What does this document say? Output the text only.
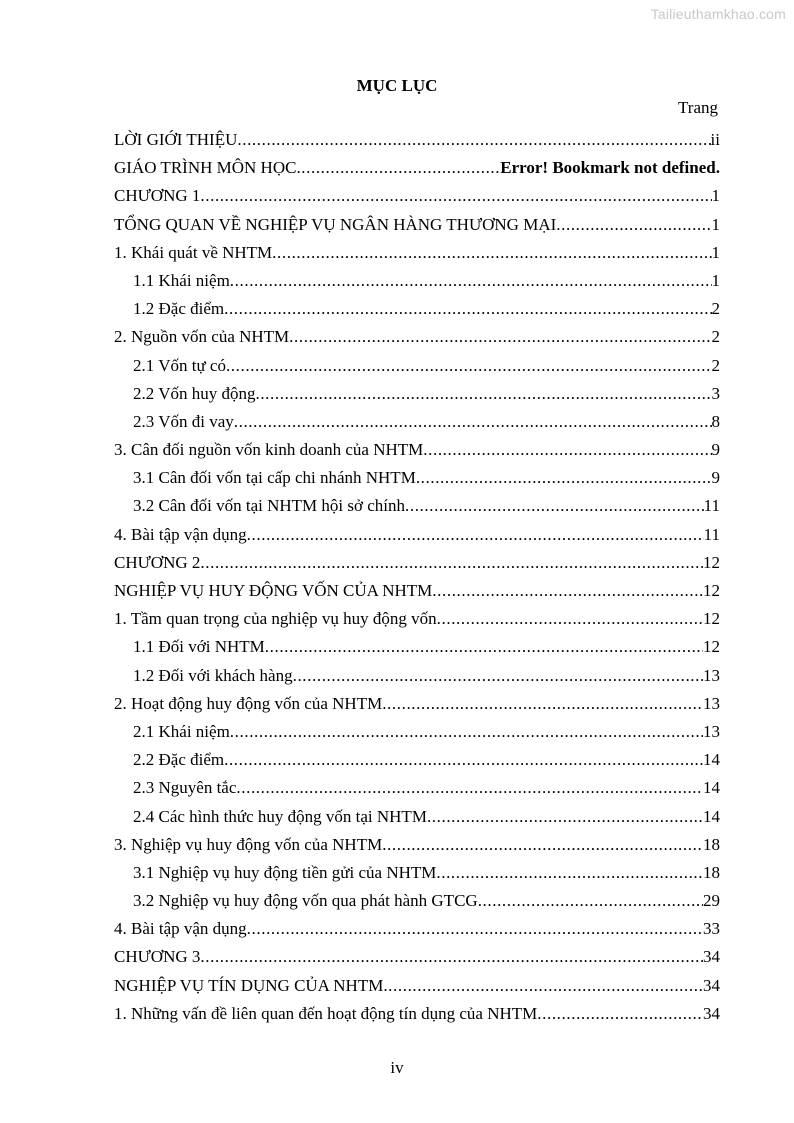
Tailieuthamkhao.com
MỤC LỤC
Trang
LỜI GIỚI THIỆU .....	ii
GIÁO TRÌNH MÔN HỌC .....	Error! Bookmark not defined.
CHƯƠNG 1 .....	1
TỔNG QUAN VỀ NGHIỆP VỤ NGÂN HÀNG THƯƠNG MẠI .....	1
1. Khái quát về NHTM .....	1
1.1 Khái niệm .....	1
1.2 Đặc điểm .....	2
2. Nguồn vốn của NHTM .....	2
2.1 Vốn tự có .....	2
2.2 Vốn huy động .....	3
2.3 Vốn đi vay .....	8
3. Cân đối nguồn vốn kinh doanh của NHTM .....	9
3.1 Cân đối vốn tại cấp chi nhánh NHTM .....	9
3.2 Cân đối vốn tại NHTM hội sở chính .....	11
4. Bài tập vận dụng .....	11
CHƯƠNG 2 .....	12
NGHIỆP VỤ HUY ĐỘNG VỐN CỦA NHTM .....	12
1. Tầm quan trọng của nghiệp vụ huy động vốn .....	12
1.1 Đối với NHTM .....	12
1.2 Đối với khách hàng .....	13
2. Hoạt động huy động vốn của NHTM .....	13
2.1 Khái niệm .....	13
2.2 Đặc điểm .....	14
2.3 Nguyên tắc .....	14
2.4 Các hình thức huy động vốn tại NHTM .....	14
3. Nghiệp vụ huy động vốn của NHTM .....	18
3.1 Nghiệp vụ huy động tiền gửi của NHTM .....	18
3.2 Nghiệp vụ huy động vốn qua phát hành GTCG .....	29
4. Bài tập vận dụng .....	33
CHƯƠNG 3 .....	34
NGHIỆP VỤ TÍN DỤNG CỦA NHTM .....	34
1. Những vấn đề liên quan đến hoạt động tín dụng của NHTM .....	34
iv
